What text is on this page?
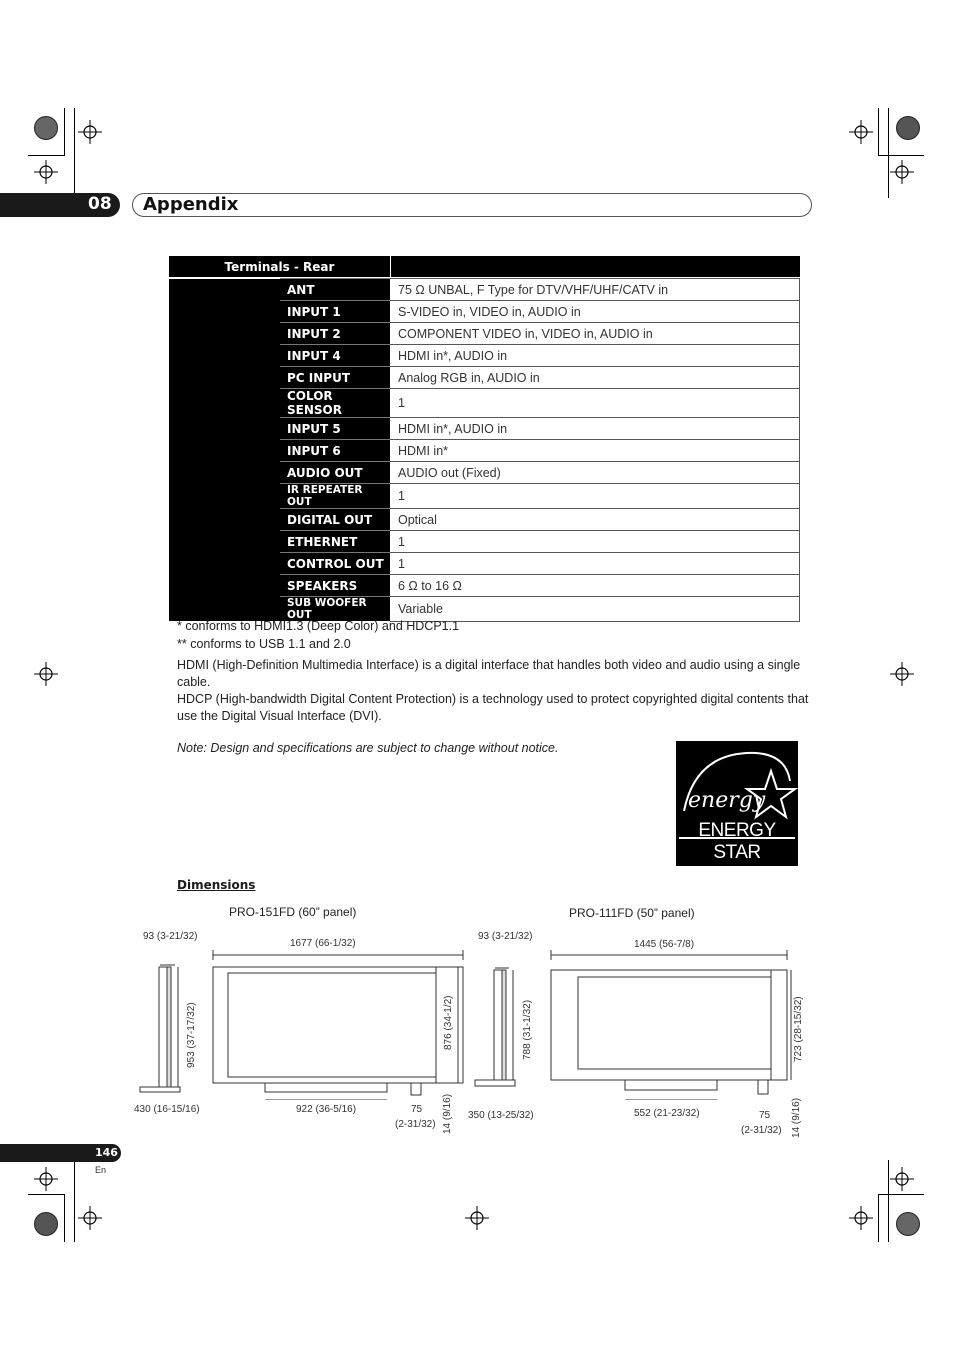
08 Appendix
Terminals - Rear	
	ANT	75 Ω UNBAL, F Type for DTV/VHF/UHF/CATV in
	INPUT 1	S-VIDEO in, VIDEO in, AUDIO in
	INPUT 2	COMPONENT VIDEO in, VIDEO in, AUDIO in
	INPUT 4	HDMI in*, AUDIO in
	PC INPUT	Analog RGB in, AUDIO in
	COLOR SENSOR	1
	INPUT 5	HDMI in*, AUDIO in
	INPUT 6	HDMI in*
	AUDIO OUT	AUDIO out (Fixed)
	IR REPEATER OUT	1
	DIGITAL OUT	Optical
	ETHERNET	1
	CONTROL OUT	1
	SPEAKERS	6 Ω to 16 Ω
	SUB WOOFER OUT	Variable
* conforms to HDMI1.3 (Deep Color) and HDCP1.1
** conforms to USB 1.1 and 2.0
HDMI (High-Definition Multimedia Interface) is a digital interface that handles both video and audio using a single cable.
HDCP (High-bandwidth Digital Content Protection) is a technology used to protect copyrighted digital contents that use the Digital Visual Interface (DVI).
Note: Design and specifications are subject to change without notice.
energy
ENERGY STAR
Dimensions
PRO-151FD (60” panel)	PRO-111FD (50” panel)
93 (3-21/32)
1677 (66-1/32)
953 (37-17/32)	876 (34-1/2)
430 (16-15/16)	922 (36-5/16)	75
(2-31/32) 14 (9/16)
93 (3-21/32)
1445 (56-7/8)
788 (31-1/32)	723 (28-15/32)
350 (13-25/32)	552 (21-23/32)	75
(2-31/32) 14 (9/16)
146
En
